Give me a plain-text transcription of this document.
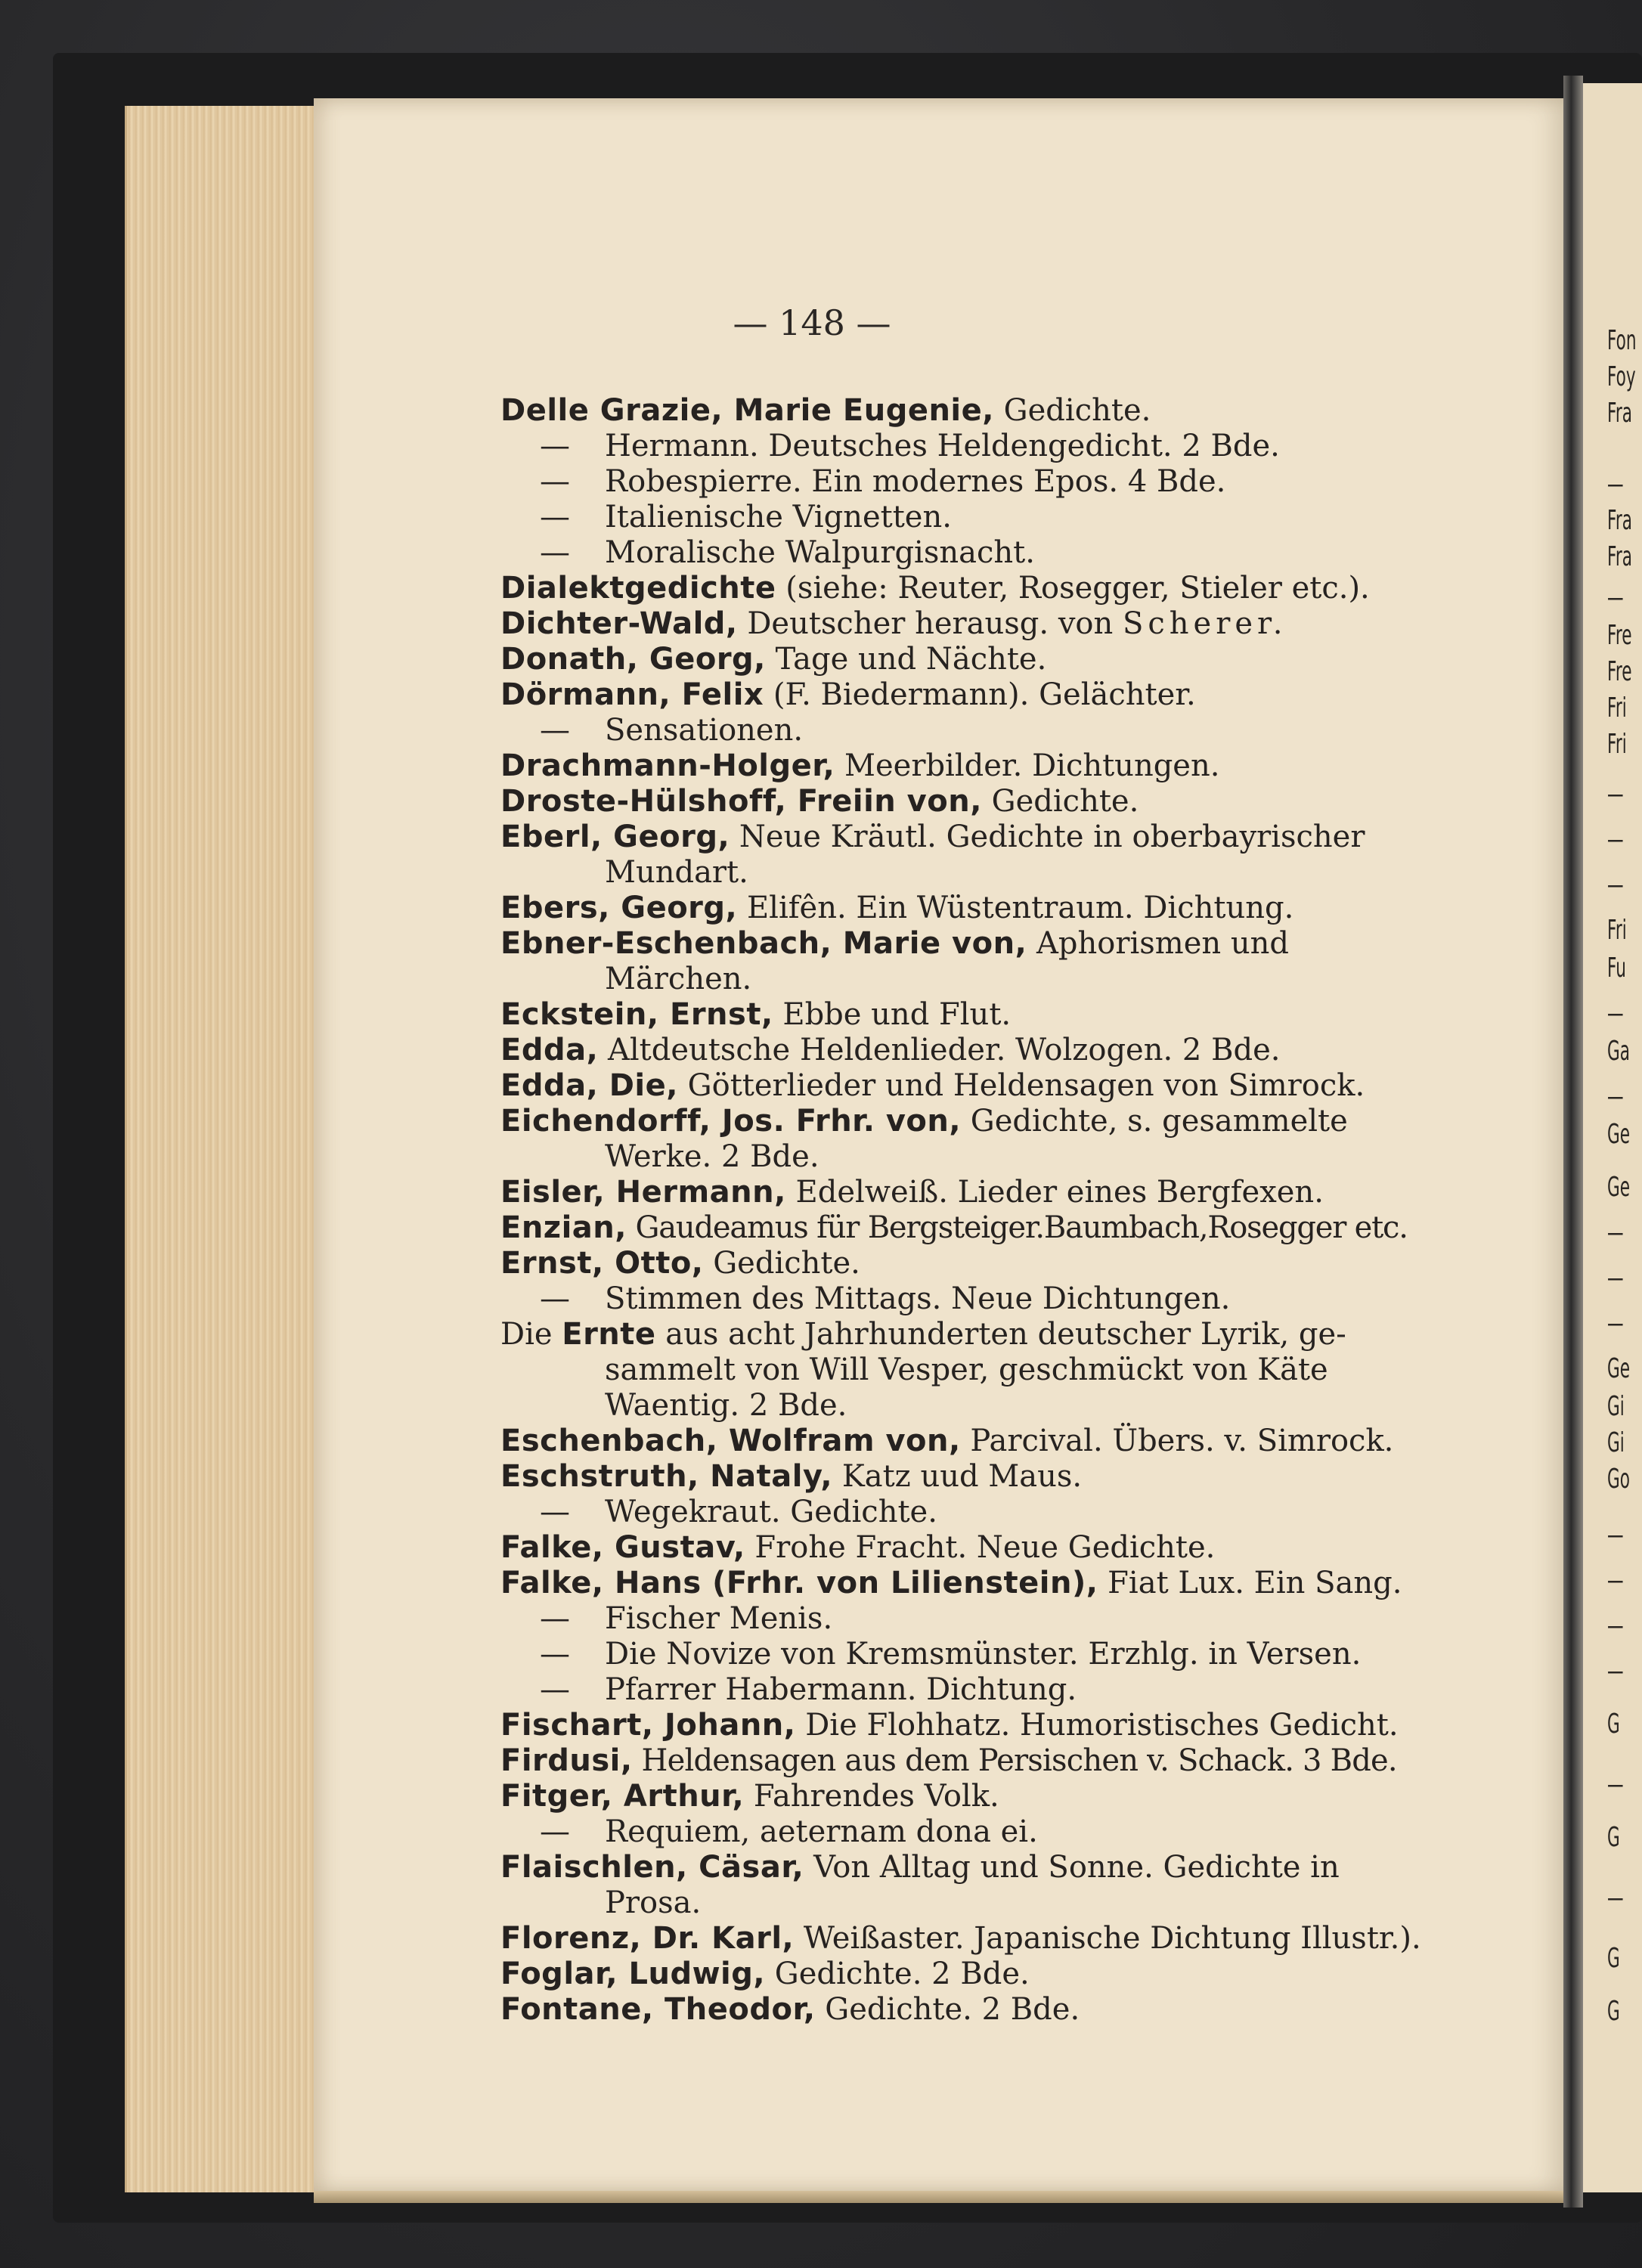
— 148 —
Delle Grazie, Marie Eugenie, Gedichte.
— Hermann. Deutsches Heldengedicht. 2 Bde.
— Robespierre. Ein modernes Epos. 4 Bde.
— Italienische Vignetten.
— Moralische Walpurgisnacht.
Dialektgedichte (siehe: Reuter, Rosegger, Stieler etc.).
Dichter-Wald, Deutscher herausg. von Scherer.
Donath, Georg, Tage und Nächte.
Dörmann, Felix (F. Biedermann). Gelächter.
— Sensationen.
Drachmann-Holger, Meerbilder. Dichtungen.
Droste-Hülshoff, Freiin von, Gedichte.
Eberl, Georg, Neue Kräutl. Gedichte in oberbayrischer
Mundart.
Ebers, Georg, Elifên. Ein Wüstentraum. Dichtung.
Ebner-Eschenbach, Marie von, Aphorismen und
Märchen.
Eckstein, Ernst, Ebbe und Flut.
Edda, Altdeutsche Heldenlieder. Wolzogen. 2 Bde.
Edda, Die, Götterlieder und Heldensagen von Simrock.
Eichendorff, Jos. Frhr. von, Gedichte, s. gesammelte
Werke. 2 Bde.
Eisler, Hermann, Edelweiß. Lieder eines Bergfexen.
Enzian, Gaudeamus für Bergsteiger.Baumbach,Rosegger etc.
Ernst, Otto, Gedichte.
— Stimmen des Mittags. Neue Dichtungen.
Die Ernte aus acht Jahrhunderten deutscher Lyrik, ge-
sammelt von Will Vesper, geschmückt von Käte
Waentig. 2 Bde.
Eschenbach, Wolfram von, Parcival. Übers. v. Simrock.
Eschstruth, Nataly, Katz uud Maus.
— Wegekraut. Gedichte.
Falke, Gustav, Frohe Fracht. Neue Gedichte.
Falke, Hans (Frhr. von Lilienstein), Fiat Lux. Ein Sang.
— Fischer Menis.
— Die Novize von Kremsmünster. Erzhlg. in Versen.
— Pfarrer Habermann. Dichtung.
Fischart, Johann, Die Flohhatz. Humoristisches Gedicht.
Firdusi, Heldensagen aus dem Persischen v. Schack. 3 Bde.
Fitger, Arthur, Fahrendes Volk.
— Requiem, aeternam dona ei.
Flaischlen, Cäsar, Von Alltag und Sonne. Gedichte in
Prosa.
Florenz, Dr. Karl, Weißaster. Japanische Dichtung Illustr.).
Foglar, Ludwig, Gedichte. 2 Bde.
Fontane, Theodor, Gedichte. 2 Bde.
Fon
Foy
Fra
—
Fra
Fra
—
Fre
Fre
Fri
Fri
—
—
—
Fri
Fu
—
Ga
—
Ge
Ge
—
—
—
Ge
Gi
Gi
Go
—
—
—
—
G
—
G
—
G
G
